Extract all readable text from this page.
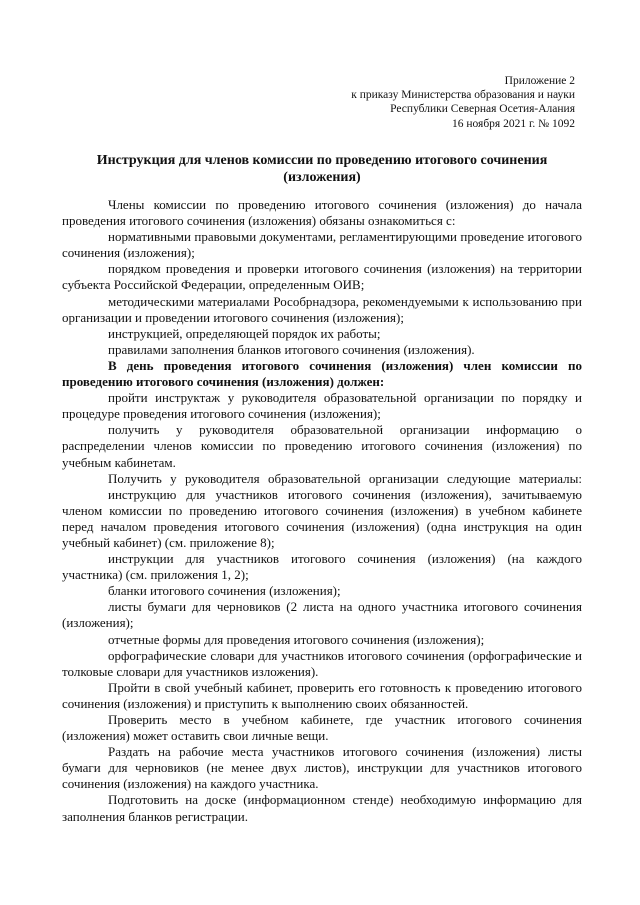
Приложение 2
к приказу Министерства образования и науки
Республики Северная Осетия-Алания
16 ноября 2021 г. № 1092
Инструкция для членов комиссии по проведению итогового сочинения
(изложения)

Члены комиссии по проведению итогового сочинения (изложения) до начала проведения итогового сочинения (изложения) обязаны ознакомиться с:

нормативными правовыми документами, регламентирующими проведение итогового сочинения (изложения);

порядком проведения и проверки итогового сочинения (изложения) на территории субъекта Российской Федерации, определенным ОИВ;

методическими материалами Рособрнадзора, рекомендуемыми к использованию при организации и проведении итогового сочинения (изложения);

инструкцией, определяющей порядок их работы;

правилами заполнения бланков итогового сочинения (изложения).

В день проведения итогового сочинения (изложения) член комиссии по проведению итогового сочинения (изложения) должен:

пройти инструктаж у руководителя образовательной организации по порядку и процедуре проведения итогового сочинения (изложения);

получить у руководителя образовательной организации информацию о распределении членов комиссии по проведению итогового сочинения (изложения) по учебным кабинетам.

Получить у руководителя образовательной организации следующие материалы:

инструкцию для участников итогового сочинения (изложения), зачитываемую членом комиссии по проведению итогового сочинения (изложения) в учебном кабинете перед началом проведения итогового сочинения (изложения) (одна инструкция на один учебный кабинет) (см. приложение 8);

инструкции для участников итогового сочинения (изложения) (на каждого участника) (см. приложения 1, 2);

бланки итогового сочинения (изложения);

листы бумаги для черновиков (2 листа на одного участника итогового сочинения (изложения);

отчетные формы для проведения итогового сочинения (изложения);

орфографические словари для участников итогового сочинения (орфографические и толковые словари для участников изложения).

Пройти в свой учебный кабинет, проверить его готовность к проведению итогового сочинения (изложения) и приступить к выполнению своих обязанностей.

Проверить место в учебном кабинете, где участник итогового сочинения (изложения) может оставить свои личные вещи.

Раздать на рабочие места участников итогового сочинения (изложения) листы бумаги для черновиков (не менее двух листов), инструкции для участников итогового сочинения (изложения) на каждого участника.

Подготовить на доске (информационном стенде) необходимую информацию для заполнения бланков регистрации.
